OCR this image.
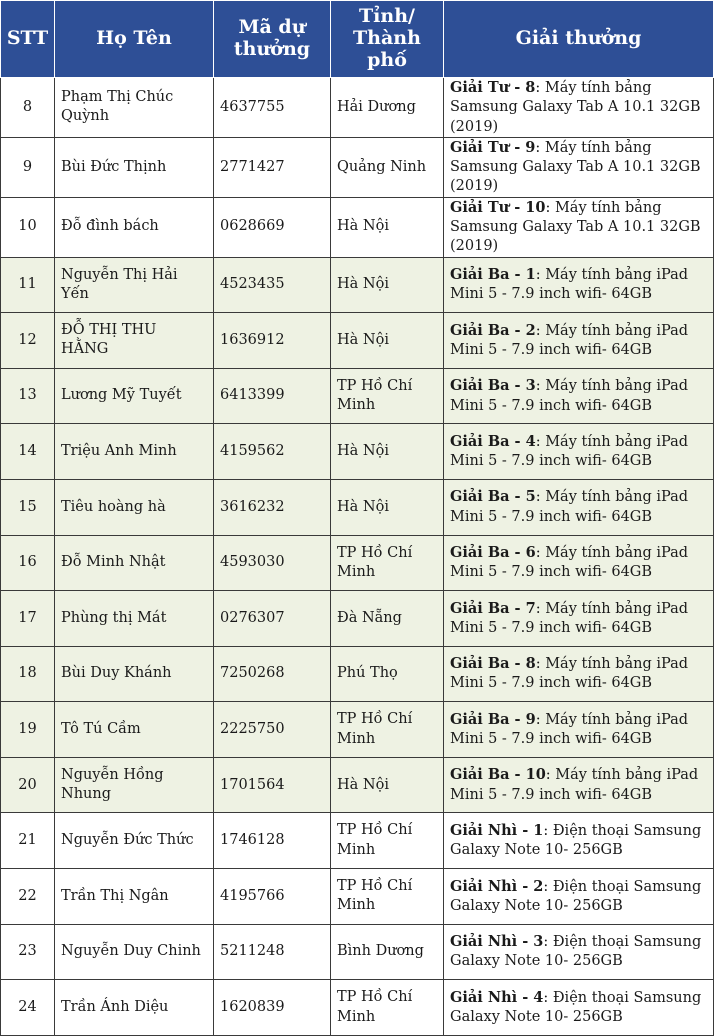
STT	Họ Tên	Mã dự thưởng	Tỉnh/ Thành phố	Giải thưởng
8	Phạm Thị Chúc Quỳnh	4637755	Hải Dương	Giải Tư - 8: Máy tính bảng Samsung Galaxy Tab A 10.1 32GB (2019)
9	Bùi Đức Thịnh	2771427	Quảng Ninh	Giải Tư - 9: Máy tính bảng Samsung Galaxy Tab A 10.1 32GB (2019)
10	Đỗ đình bách	0628669	Hà Nội	Giải Tư - 10: Máy tính bảng Samsung Galaxy Tab A 10.1 32GB (2019)
11	Nguyễn Thị Hải Yến	4523435	Hà Nội	Giải Ba - 1: Máy tính bảng iPad Mini 5 - 7.9 inch wifi- 64GB
12	ĐỖ THỊ THU HẰNG	1636912	Hà Nội	Giải Ba - 2: Máy tính bảng iPad Mini 5 - 7.9 inch wifi- 64GB
13	Lương Mỹ Tuyết	6413399	TP Hồ Chí Minh	Giải Ba - 3: Máy tính bảng iPad Mini 5 - 7.9 inch wifi- 64GB
14	Triệu Anh Minh	4159562	Hà Nội	Giải Ba - 4: Máy tính bảng iPad Mini 5 - 7.9 inch wifi- 64GB
15	Tiêu hoàng hà	3616232	Hà Nội	Giải Ba - 5: Máy tính bảng iPad Mini 5 - 7.9 inch wifi- 64GB
16	Đỗ Minh Nhật	4593030	TP Hồ Chí Minh	Giải Ba - 6: Máy tính bảng iPad Mini 5 - 7.9 inch wifi- 64GB
17	Phùng thị Mát	0276307	Đà Nẵng	Giải Ba - 7: Máy tính bảng iPad Mini 5 - 7.9 inch wifi- 64GB
18	Bùi Duy Khánh	7250268	Phú Thọ	Giải Ba - 8: Máy tính bảng iPad Mini 5 - 7.9 inch wifi- 64GB
19	Tô Tú Cầm	2225750	TP Hồ Chí Minh	Giải Ba - 9: Máy tính bảng iPad Mini 5 - 7.9 inch wifi- 64GB
20	Nguyễn Hồng Nhung	1701564	Hà Nội	Giải Ba - 10: Máy tính bảng iPad Mini 5 - 7.9 inch wifi- 64GB
21	Nguyễn Đức Thức	1746128	TP Hồ Chí Minh	Giải Nhì - 1: Điện thoại Samsung Galaxy Note 10- 256GB
22	Trần Thị Ngân	4195766	TP Hồ Chí Minh	Giải Nhì - 2: Điện thoại Samsung Galaxy Note 10- 256GB
23	Nguyễn Duy Chinh	5211248	Bình Dương	Giải Nhì - 3: Điện thoại Samsung Galaxy Note 10- 256GB
24	Trần Ánh Diệu	1620839	TP Hồ Chí Minh	Giải Nhì - 4: Điện thoại Samsung Galaxy Note 10- 256GB
